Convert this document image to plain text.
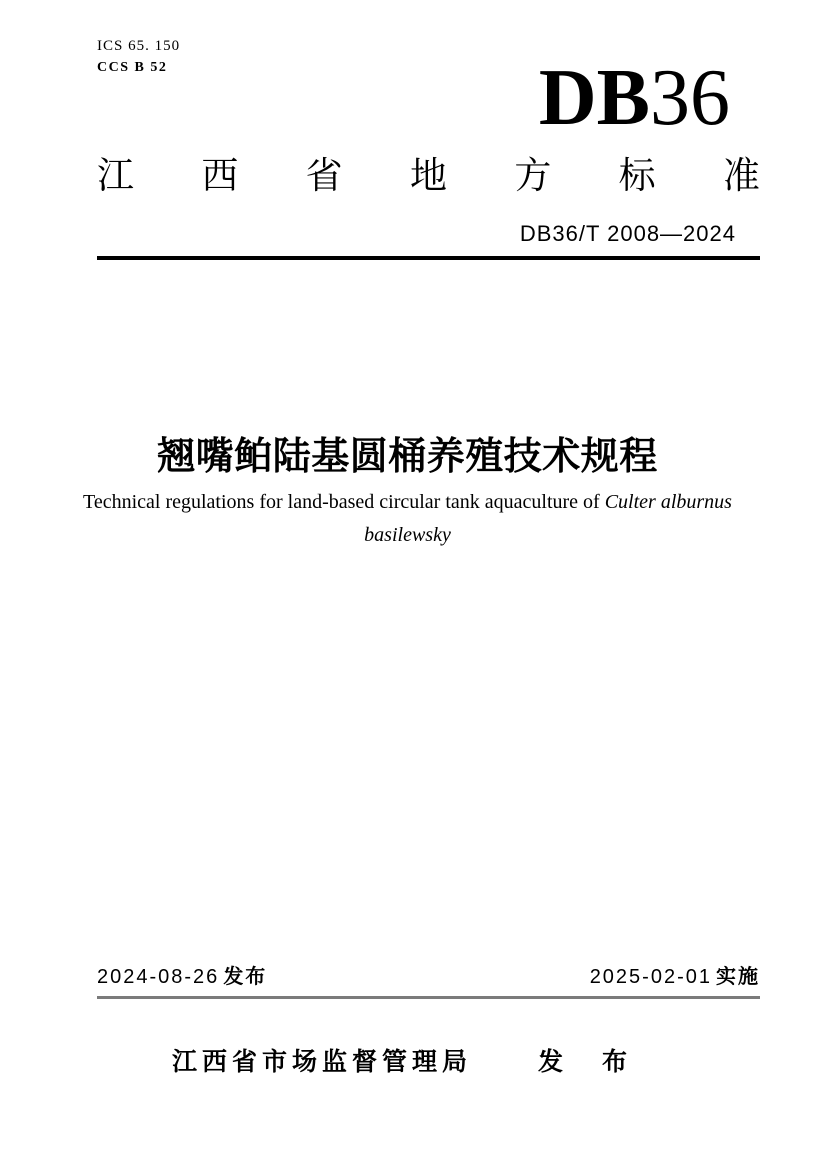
ICS 65. 150
CCS B 52	DB36
江 西 省 地 方 标 准
DB36/T 2008—2024
翘嘴鲌陆基圆桶养殖技术规程
Technical regulations for land-based circular tank aquaculture of Culter alburnus
basilewsky
2024-08-26 发布	2025-02-01 实施
江西省市场监督管理局	发 布
